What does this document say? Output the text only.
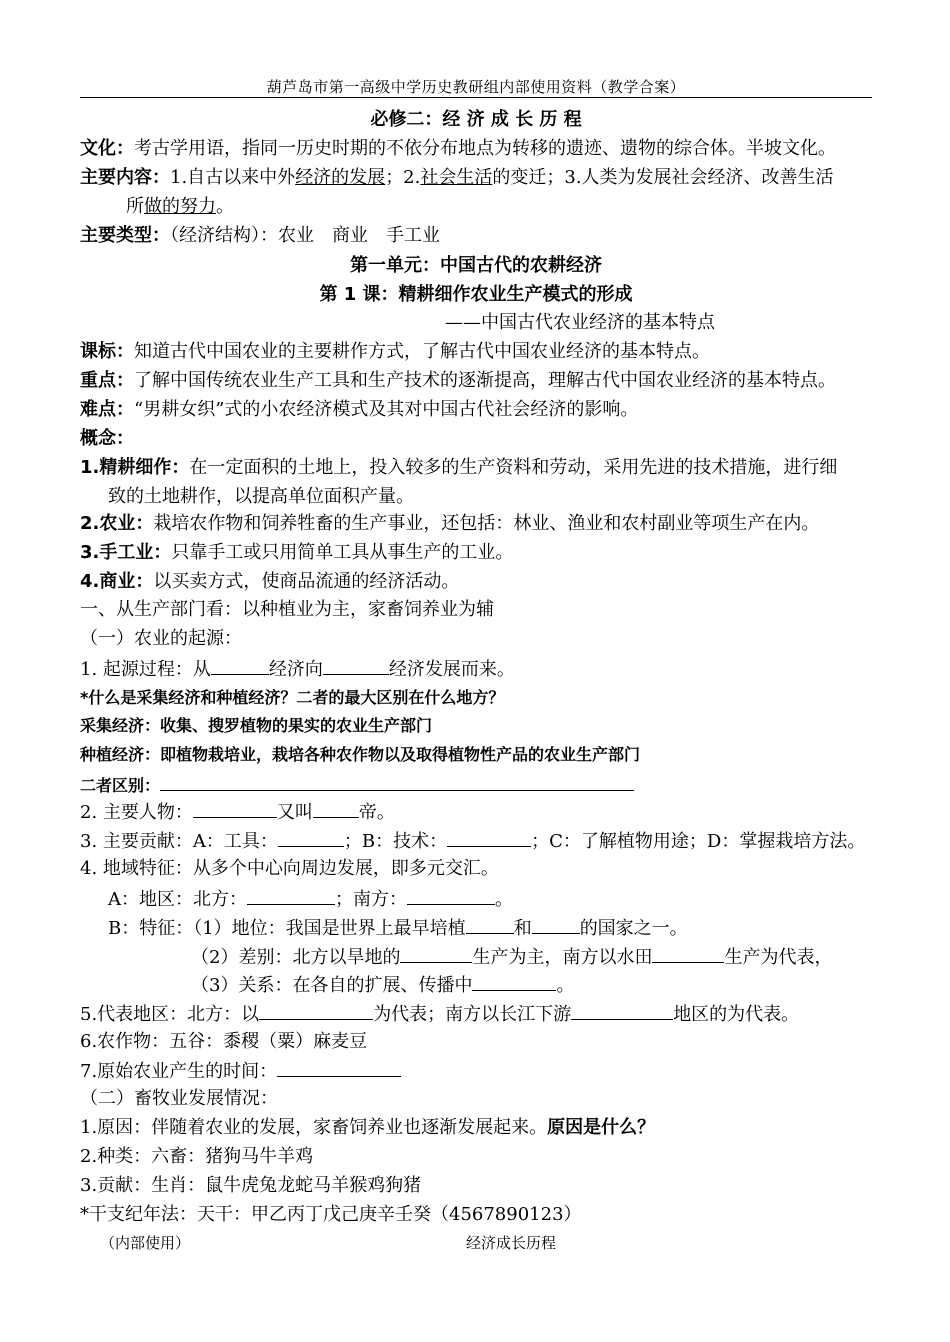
葫芦岛市第一高级中学历史教研组内部使用资料（教学合案）
必修二：经 济 成 长 历 程
文化：考古学用语，指同一历史时期的不依分布地点为转移的遗迹、遗物的综合体。半坡文化。
主要内容：1.自古以来中外经济的发展；2.社会生活的变迁；3.人类为发展社会经济、改善生活
所做的努力。
主要类型：（经济结构）：农业　商业　手工业
第一单元：中国古代的农耕经济
第 1 课：精耕细作农业生产模式的形成
——中国古代农业经济的基本特点
课标：知道古代中国农业的主要耕作方式，了解古代中国农业经济的基本特点。
重点：了解中国传统农业生产工具和生产技术的逐渐提高，理解古代中国农业经济的基本特点。
难点：“男耕女织”式的小农经济模式及其对中国古代社会经济的影响。
概念：
1.精耕细作：在一定面积的土地上，投入较多的生产资料和劳动，采用先进的技术措施，进行细
致的土地耕作，以提高单位面积产量。
2.农业：栽培农作物和饲养牲畜的生产事业，还包括：林业、渔业和农村副业等项生产在内。
3.手工业：只靠手工或只用简单工具从事生产的工业。
4.商业：以买卖方式，使商品流通的经济活动。
一、从生产部门看：以种植业为主，家畜饲养业为辅
（一）农业的起源：
1. 起源过程：从	经济向	经济发展而来。
*什么是采集经济和种植经济？二者的最大区别在什么地方？
采集经济：收集、搜罗植物的果实的农业生产部门
种植经济：即植物栽培业，栽培各种农作物以及取得植物性产品的农业生产部门
二者区别：
2. 主要人物：	又叫	帝。
3. 主要贡献：A：工具：	；B：技术：	；C：了解植物用途；D：掌握栽培方法。
4. 地域特征：从多个中心向周边发展，即多元交汇。
A：地区：北方：	；南方：	。
B：特征：（1）地位：我国是世界上最早培植	和	的国家之一。
（2）差别：北方以旱地的	生产为主，南方以水田	生产为代表，
（3）关系：在各自的扩展、传播中	。
5.代表地区：北方：以	为代表；南方以长江下游	地区的为代表。
6.农作物：五谷：黍稷（粟）麻麦豆
7.原始农业产生的时间：
（二）畜牧业发展情况：
1.原因：伴随着农业的发展，家畜饲养业也逐渐发展起来。原因是什么？
2.种类：六畜：猪狗马牛羊鸡
3.贡献：生肖：鼠牛虎兔龙蛇马羊猴鸡狗猪
*干支纪年法：天干：甲乙丙丁戊己庚辛壬癸（4567890123）
（内部使用）	经济成长历程
